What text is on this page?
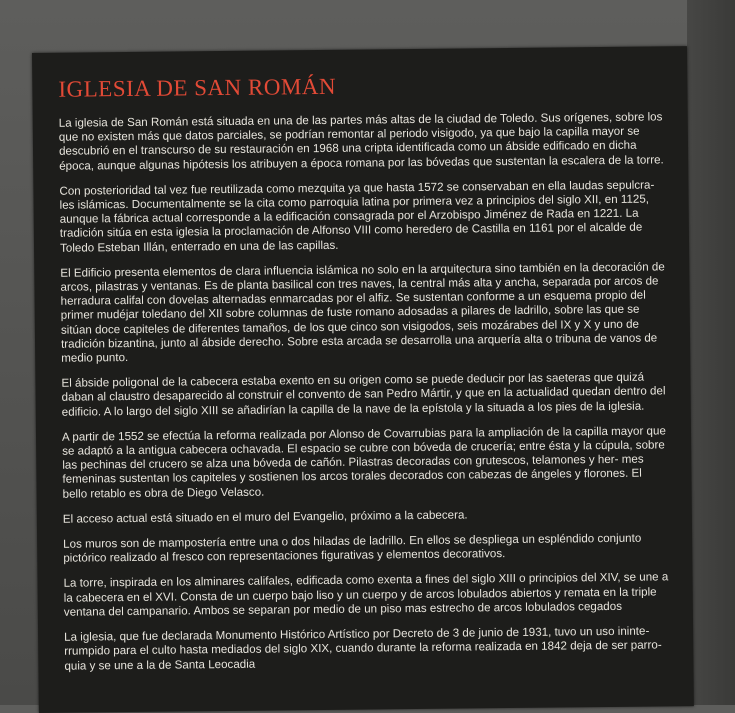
IGLESIA DE SAN ROMÁN

La iglesia de San Román está situada en una de las partes más altas de la ciudad de Toledo. Sus orígenes, sobre los que no existen más que datos parciales, se podrían remontar al periodo visigodo, ya que bajo la capilla mayor se descubrió en el transcurso de su restauración en 1968 una cripta identificada como un ábside edificado en dicha época, aunque algunas hipótesis los atribuyen a época romana por las bóvedas que sustentan la escalera de la torre.

Con posterioridad tal vez fue reutilizada como mezquita ya que hasta 1572 se conservaban en ella laudas sepulcra- les islámicas. Documentalmente se la cita como parroquia latina por primera vez a principios del siglo XII, en 1125, aunque la fábrica actual corresponde a la edificación consagrada por el Arzobispo Jiménez de Rada en 1221. La tradición sitúa en esta iglesia la proclamación de Alfonso VIII como heredero de Castilla en 1161 por el alcalde de Toledo Esteban Illán, enterrado en una de las capillas.

El Edificio presenta elementos de clara influencia islámica no solo en la arquitectura sino también en la decoración de arcos, pilastras y ventanas. Es de planta basilical con tres naves, la central más alta y ancha, separada por arcos de herradura califal con dovelas alternadas enmarcadas por el alfiz. Se sustentan conforme a un esquema propio del primer mudéjar toledano del XII sobre columnas de fuste romano adosadas a pilares de ladrillo, sobre las que se sitúan doce capiteles de diferentes tamaños, de los que cinco son visigodos, seis mozárabes del IX y X y uno de tradición bizantina, junto al ábside derecho. Sobre esta arcada se desarrolla una arquería alta o tribuna de vanos de medio punto.

El ábside poligonal de la cabecera estaba exento en su origen como se puede deducir por las saeteras que quizá daban al claustro desaparecido al construir el convento de san Pedro Mártir, y que en la actualidad quedan dentro del edificio. A lo largo del siglo XIII se añadirían la capilla de la nave de la epístola y la situada a los pies de la iglesia.

A partir de 1552 se efectúa la reforma realizada por Alonso de Covarrubias para la ampliación de la capilla mayor que se adaptó a la antigua cabecera ochavada. El espacio se cubre con bóveda de crucería; entre ésta y la cúpula, sobre las pechinas del crucero se alza una bóveda de cañón. Pilastras decoradas con grutescos, telamones y her- mes femeninas sustentan los capiteles y sostienen los arcos torales decorados con cabezas de ángeles y florones. El bello retablo es obra de Diego Velasco.

El acceso actual está situado en el muro del Evangelio, próximo a la cabecera.

Los muros son de mampostería entre una o dos hiladas de ladrillo. En ellos se despliega un espléndido conjunto pictórico realizado al fresco con representaciones figurativas y elementos decorativos.

La torre, inspirada en los alminares califales, edificada como exenta a fines del siglo XIII o principios del XIV, se une a la cabecera en el XVI. Consta de un cuerpo bajo liso y un cuerpo y de arcos lobulados abiertos y remata en la triple ventana del campanario. Ambos se separan por medio de un piso mas estrecho de arcos lobulados cegados

La iglesia, que fue declarada Monumento Histórico Artístico por Decreto de 3 de junio de 1931, tuvo un uso ininte- rrumpido para el culto hasta mediados del siglo XIX, cuando durante la reforma realizada en 1842 deja de ser parro- quia y se une a la de Santa Leocadia
